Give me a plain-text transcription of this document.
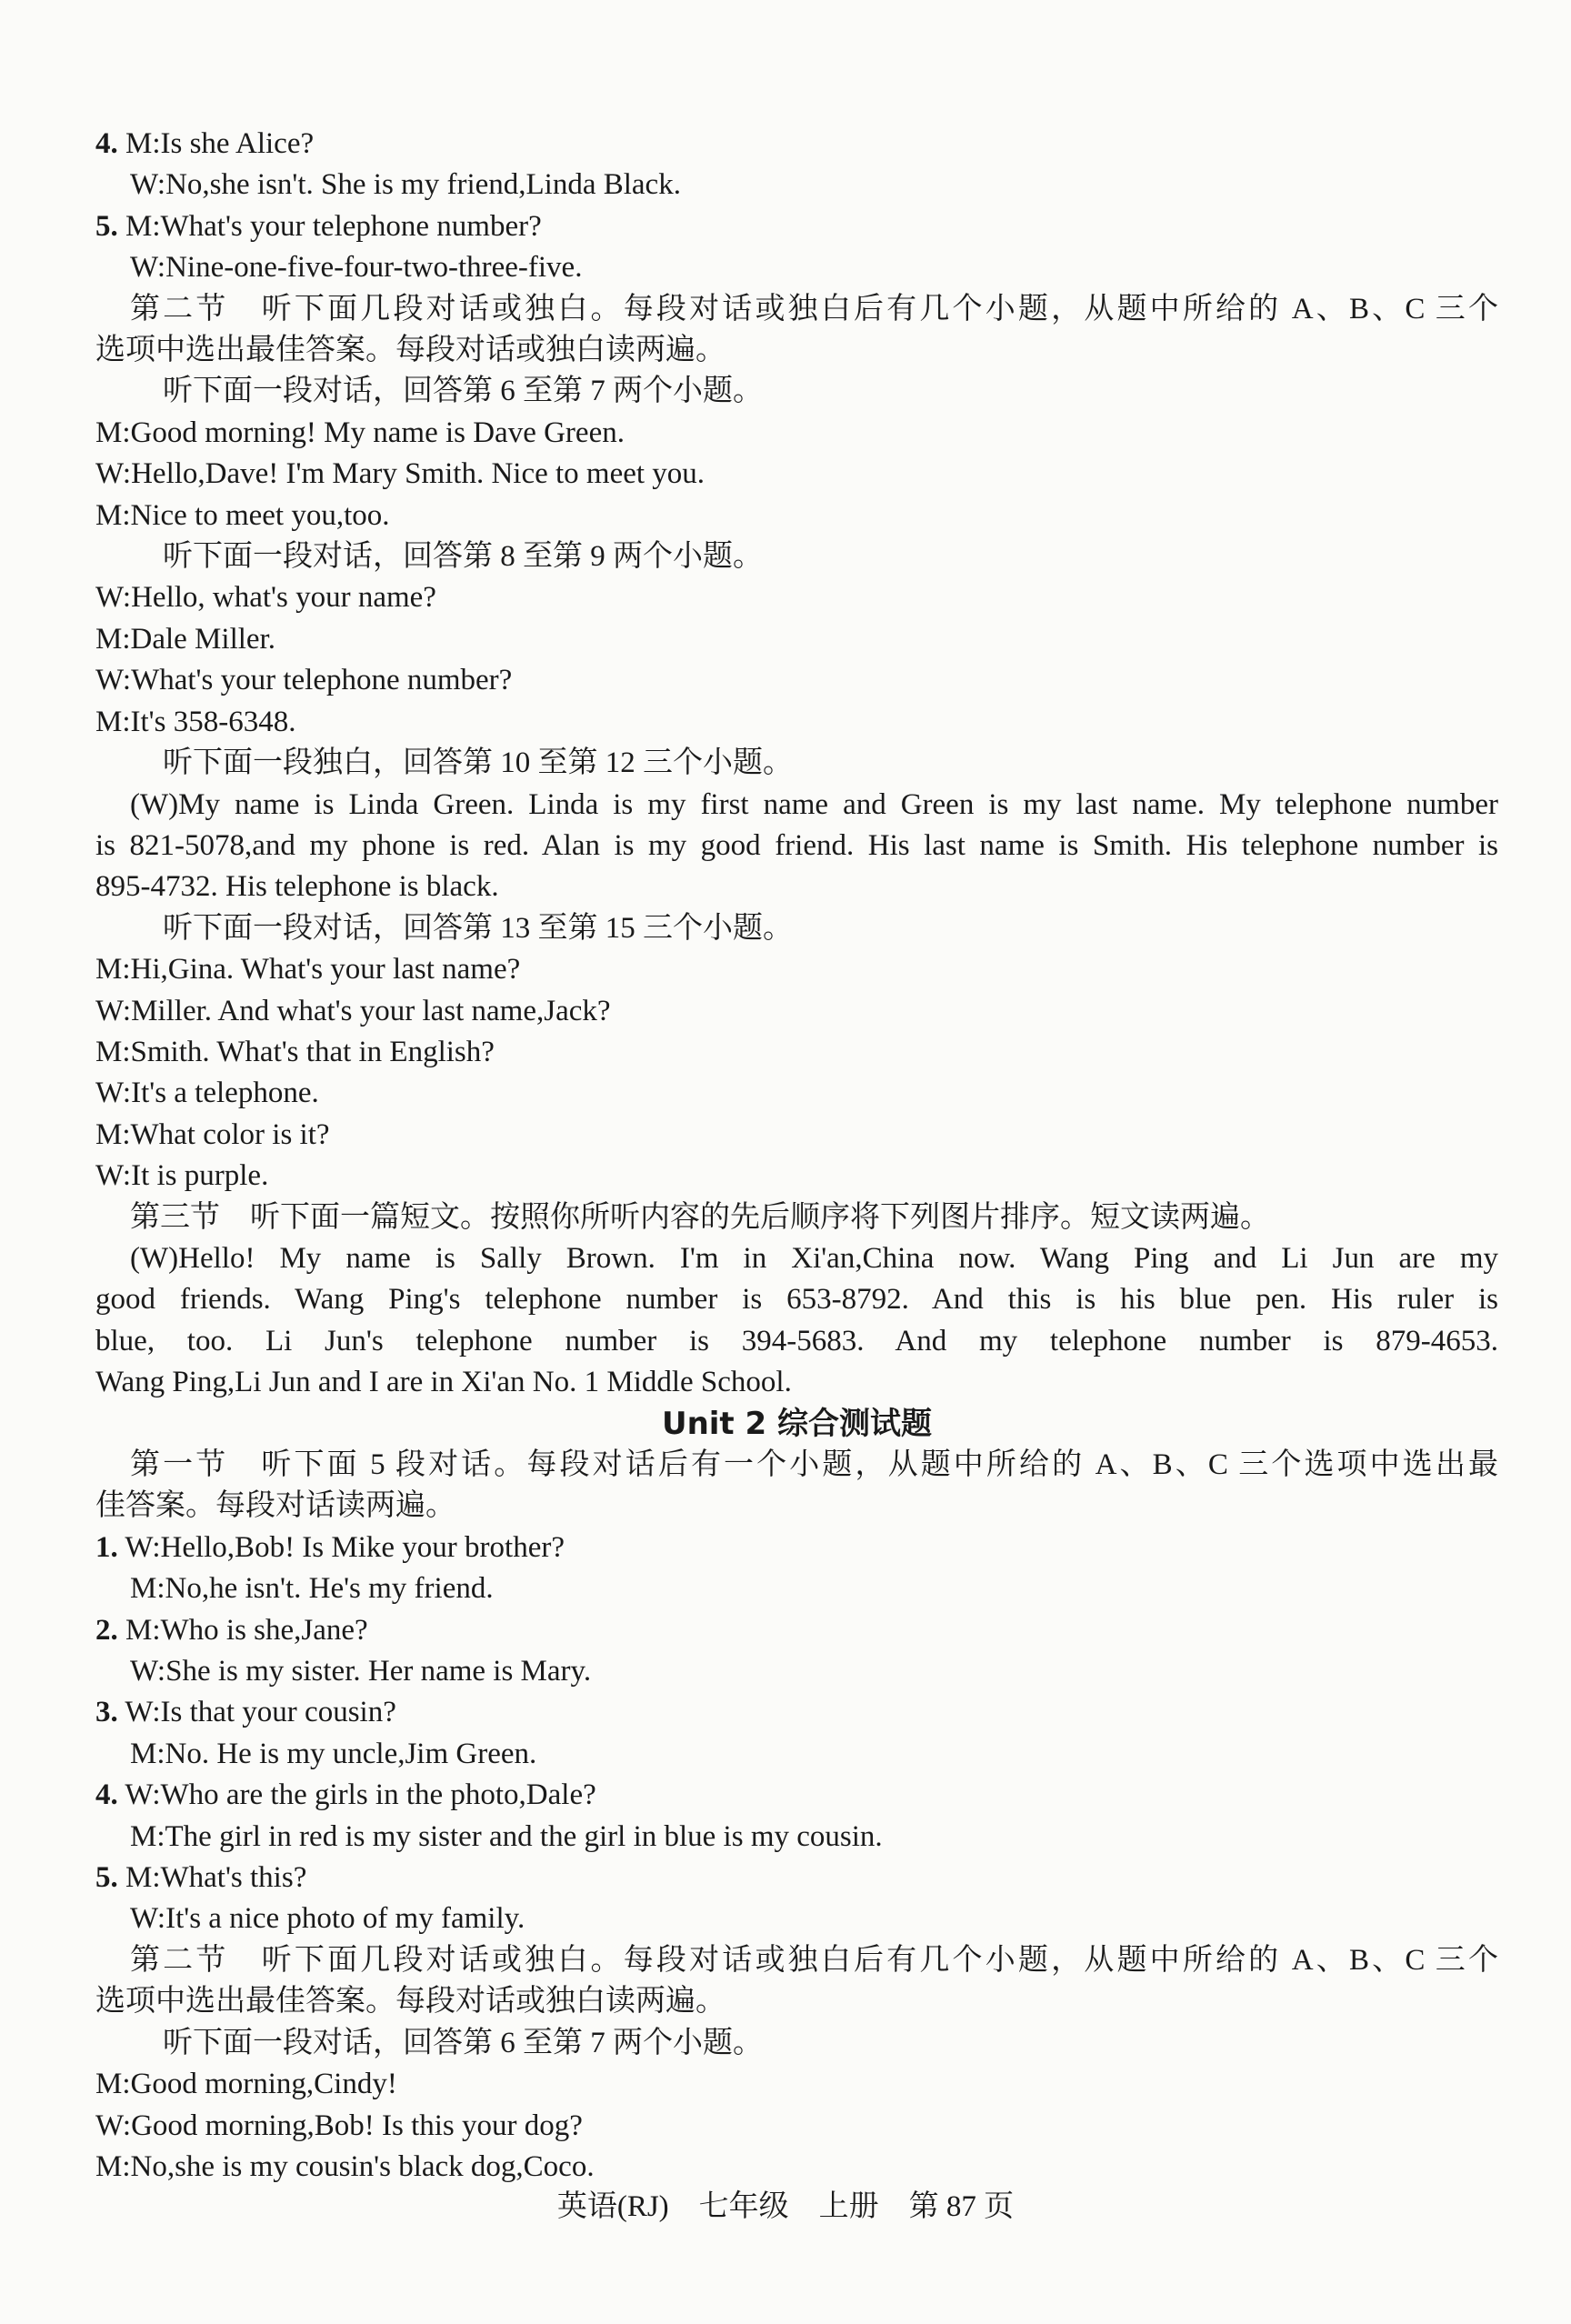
4. M:Is she Alice?
W:No,she isn't. She is my friend,Linda Black.
5. M:What's your telephone number?
W:Nine-one-five-four-two-three-five.
第二节　听下面几段对话或独白。每段对话或独白后有几个小题，从题中所给的 A、B、C 三个
选项中选出最佳答案。每段对话或独白读两遍。
听下面一段对话，回答第 6 至第 7 两个小题。
M:Good morning! My name is Dave Green.
W:Hello,Dave! I'm Mary Smith. Nice to meet you.
M:Nice to meet you,too.
听下面一段对话，回答第 8 至第 9 两个小题。
W:Hello, what's your name?
M:Dale Miller.
W:What's your telephone number?
M:It's 358-6348.
听下面一段独白，回答第 10 至第 12 三个小题。
(W)My name is Linda Green. Linda is my first name and Green is my last name. My telephone number
is 821-5078,and my phone is red. Alan is my good friend. His last name is Smith. His telephone number is
895-4732. His telephone is black.
听下面一段对话，回答第 13 至第 15 三个小题。
M:Hi,Gina. What's your last name?
W:Miller. And what's your last name,Jack?
M:Smith. What's that in English?
W:It's a telephone.
M:What color is it?
W:It is purple.
第三节　听下面一篇短文。按照你所听内容的先后顺序将下列图片排序。短文读两遍。
(W)Hello! My name is Sally Brown. I'm in Xi'an,China now. Wang Ping and Li Jun are my
good friends. Wang Ping's telephone number is 653-8792. And this is his blue pen. His ruler is
blue, too. Li Jun's telephone number is 394-5683. And my telephone number is 879-4653.
Wang Ping,Li Jun and I are in Xi'an No. 1 Middle School.
Unit 2 综合测试题
第一节　听下面 5 段对话。每段对话后有一个小题，从题中所给的 A、B、C 三个选项中选出最
佳答案。每段对话读两遍。
1. W:Hello,Bob! Is Mike your brother?
M:No,he isn't. He's my friend.
2. M:Who is she,Jane?
W:She is my sister. Her name is Mary.
3. W:Is that your cousin?
M:No. He is my uncle,Jim Green.
4. W:Who are the girls in the photo,Dale?
M:The girl in red is my sister and the girl in blue is my cousin.
5. M:What's this?
W:It's a nice photo of my family.
第二节　听下面几段对话或独白。每段对话或独白后有几个小题，从题中所给的 A、B、C 三个
选项中选出最佳答案。每段对话或独白读两遍。
听下面一段对话，回答第 6 至第 7 两个小题。
M:Good morning,Cindy!
W:Good morning,Bob! Is this your dog?
M:No,she is my cousin's black dog,Coco.
英语(RJ)　七年级　上册　第 87 页
